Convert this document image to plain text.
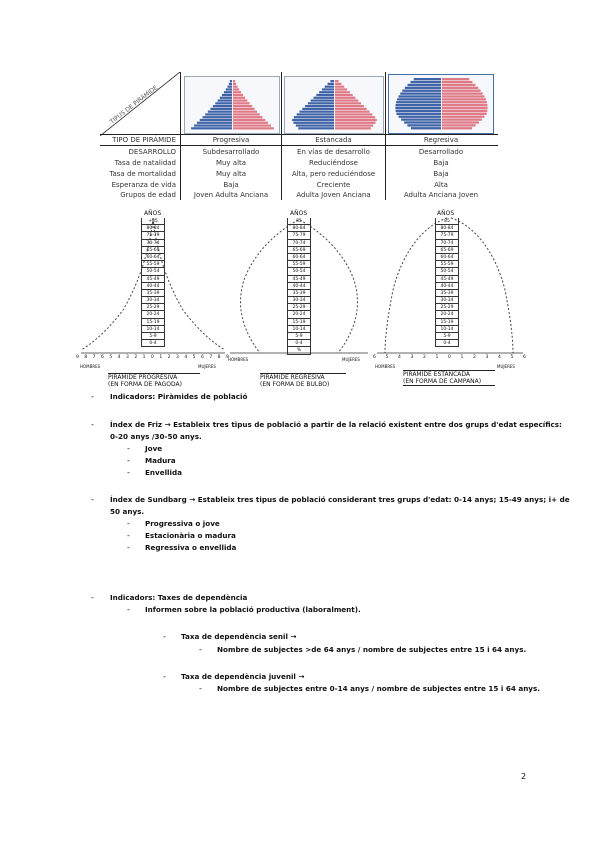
TIPUS DE PIRÀMIDE
TIPO DE PIRÁMIDE	Progresiva	Estancada	Regresiva
DESARROLLO	Subdesarrollado	En vías de desarrollo	Desarrollado
Tasa de natalidad	Muy alta	Reduciéndose	Baja
Tasa de mortalidad	Muy alta	Alta, pero reduciéndose	Baja
Esperanza de vida	Baja	Creciente	Alta
Grupos de edad	Joven Adulta Anciana	Adulta Joven Anciana	Adulta Anciana Joven
AÑOS
+85
80-84
75-79
70-74
65-69
60-64
55-59
50-54
45-49
40-44
35-39
30-34
25-29
20-24
15-19
10-14
5-9
0-4
9 8 7 6 5 4 3 2 1 0 1 2 3 4 5 6 7 8 9
HOMBRES	MUJERES
PIRÁMIDE PROGRESIVA
(EN FORMA DE PAGODA)
AÑOS
85
80-84
75-79
70-74
65-69
60-64
55-59
50-54
45-49
40-44
35-39
30-34
25-29
20-24
15-19
10-14
5-9
0-4
%
HOMBRES	MUJERES
PIRÁMIDE REGRESIVA
(EN FORMA DE BULBO)
AÑOS
85
80-84
75-79
70-74
65-69
60-64
55-59
50-54
45-49
40-44
35-39
30-34
25-29
20-24
15-19
10-14
5-9
0-4
6 5 4 3 2 1 0 1 2 3 4 5 6
HOMBRES	MUJERES
PIRÁMIDE ESTANCADA
(EN FORMA DE CAMPANA)
- Indicadors: Piràmides de població
- Índex de Friz → Estableix tres tipus de població a partir de la relació existent entre dos grups d'edat específics:
0-20 anys /30-50 anys.
- Jove
- Madura
- Envellida
- Índex de Sundbarg → Estableix tres tipus de població considerant tres grups d'edat: 0-14 anys; 15-49 anys; i+ de
50 anys.
- Progressiva o jove
- Estacionària o madura
- Regressiva o envellida
- Indicadors: Taxes de dependència
- Informen sobre la població productiva (laboralment).
- Taxa de dependència senil →
- Nombre de subjectes >de 64 anys / nombre de subjectes entre 15 i 64 anys.
- Taxa de dependència juvenil →
- Nombre de subjectes entre 0-14 anys / nombre de subjectes entre 15 i 64 anys.
2
